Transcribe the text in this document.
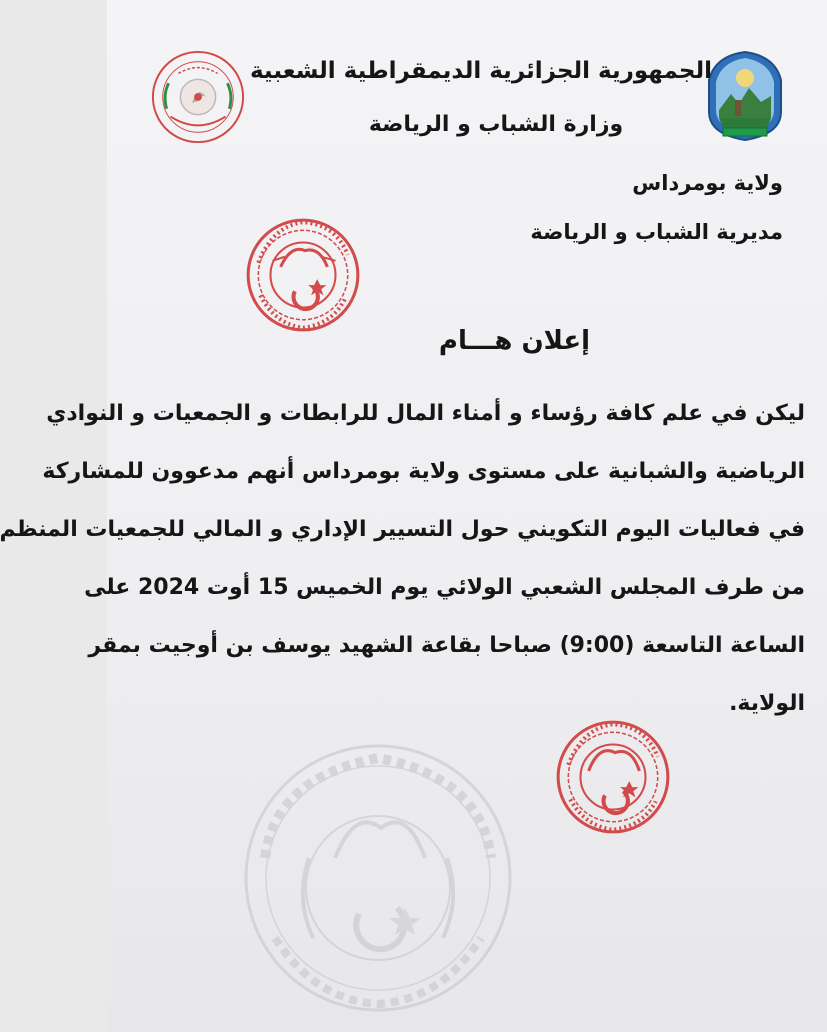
الجمهورية الجزائرية الديمقراطية الشعبية
وزارة الشباب و الرياضة
ولاية بومرداس
مديرية الشباب و الرياضة
إعلان هـــام
ليكن في علم كافة رؤساء و أمناء المال للرابطات و الجمعيات و النوادي
الرياضية والشبانية على مستوى ولاية بومرداس أنهم مدعوون للمشاركة
في فعاليات اليوم التكويني حول التسيير الإداري و المالي للجمعيات المنظم
من طرف المجلس الشعبي الولائي يوم الخميس 15 أوت 2024 على
الساعة التاسعة (9:00) صباحا بقاعة الشهيد يوسف بن أوجيت بمقر
الولاية.
